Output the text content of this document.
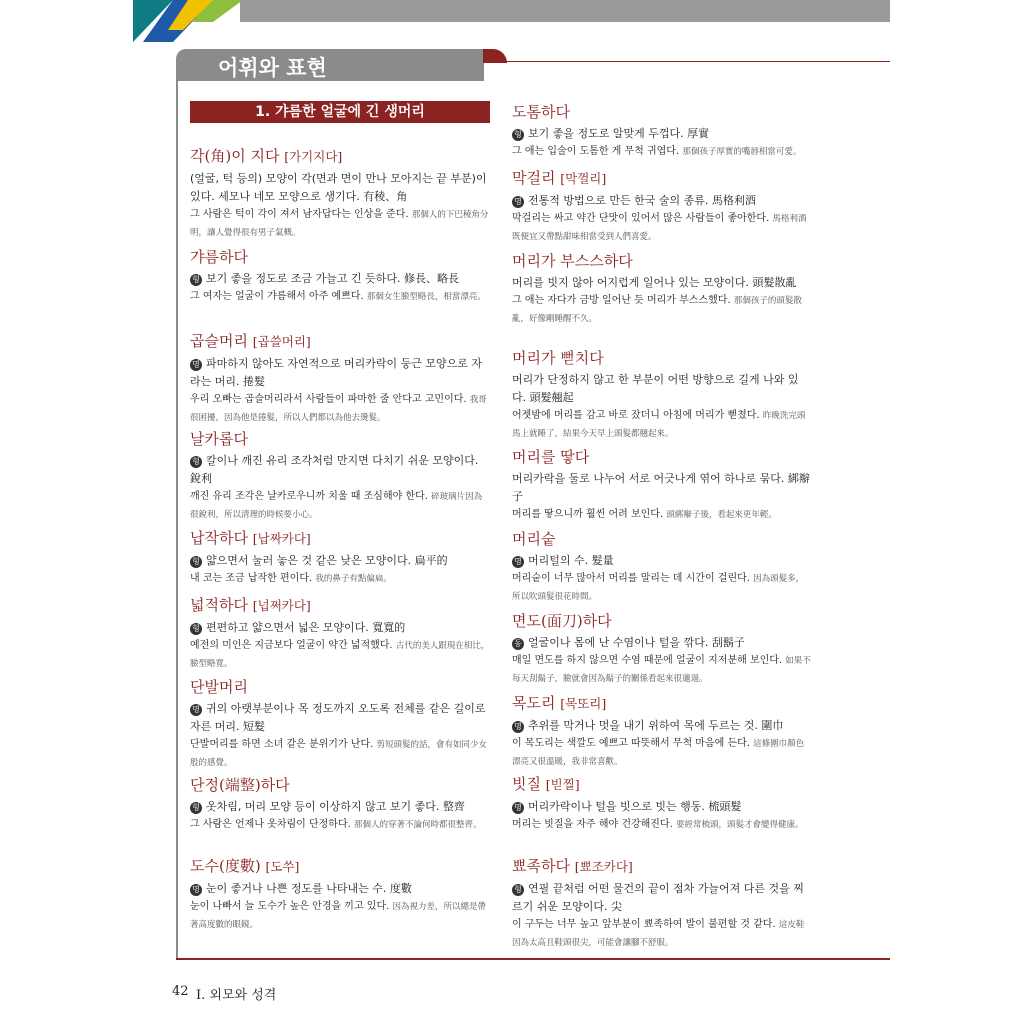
어휘와 표현
1. 갸름한 얼굴에 긴 생머리
42 I. 외모와 성격
각(角)이 지다 [가기지다]
(얼굴, 턱 등의) 모양이 각(면과 면이 만나 모아지는 끝 부분)이 있다. 세모나 네모 모양으로 생기다. 有稜、角
그 사람은 턱이 각이 져서 남자답다는 인상을 준다. 那個人的下巴稜角分明，讓人覺得很有男子氣概。
갸름하다
형 보기 좋을 정도로 조금 가늘고 긴 듯하다. 修長、略長
그 여자는 얼굴이 갸름해서 아주 예쁘다. 那個女生臉型略長，相當漂亮。
곱슬머리 [곱쓸머리]
명 파마하지 않아도 자연적으로 머리카락이 둥근 모양으로 자라는 머리. 捲髮
우리 오빠는 곱슬머리라서 사람들이 파마한 줄 안다고 고민이다. 我哥很困擾，因為他是捲髮，所以人們都以為他去燙髮。
날카롭다
형 칼이나 깨진 유리 조각처럼 만지면 다치기 쉬운 모양이다. 銳利
깨진 유리 조각은 날카로우니까 치울 때 조심해야 한다. 碎玻璃片因為很銳利，所以清理的時候要小心。
납작하다 [납짜카다]
형 얇으면서 눌러 놓은 것 같은 낮은 모양이다. 扁平的
내 코는 조금 납작한 편이다. 我的鼻子有點偏扁。
넓적하다 [넙쩌카다]
형 편편하고 얇으면서 넓은 모양이다. 寬寬的
예전의 미인은 지금보다 얼굴이 약간 넓적했다. 古代的美人跟現在相比，臉型略寬。
단발머리
명 귀의 아랫부분이나 목 정도까지 오도록 전체를 같은 길이로 자른 머리. 短髮
단발머리를 하면 소녀 같은 분위기가 난다. 剪短頭髮的話，會有如同少女般的感覺。
단정(端整)하다
형 옷차림, 머리 모양 등이 이상하지 않고 보기 좋다. 整齊
그 사람은 언제나 옷차림이 단정하다. 那個人的穿著不論何時都很整齊。
도수(度數) [도쑤]
명 눈이 좋거나 나쁜 정도를 나타내는 수. 度數
눈이 나빠서 늘 도수가 높은 안경을 끼고 있다. 因為視力差，所以總是帶著高度數的眼鏡。
도톰하다
형 보기 좋을 정도로 알맞게 두껍다. 厚實
그 애는 입술이 도톰한 게 무척 귀엽다. 那個孩子厚實的嘴唇相當可愛。
막걸리 [막껄리]
명 전통적 방법으로 만든 한국 술의 종류. 馬格利酒
막걸리는 싸고 약간 단맛이 있어서 많은 사람들이 좋아한다. 馬格利酒既便宜又帶點甜味相當受到人們喜愛。
머리가 부스스하다
머리를 빗지 않아 어지럽게 일어나 있는 모양이다. 頭髮散亂
그 애는 자다가 금방 일어난 듯 머리가 부스스했다. 那個孩子的頭髮散亂，好像剛睡醒不久。
머리가 뻗치다
머리가 단정하지 않고 한 부분이 어떤 방향으로 길게 나와 있다. 頭髮翹起
어젯밤에 머리를 감고 바로 잤더니 아침에 머리가 뻗쳤다. 昨晚洗完頭馬上就睡了，結果今天早上頭髮都翹起來。
머리를 땋다
머리카락을 둘로 나누어 서로 어긋나게 엮어 하나로 묶다. 綁辮子
머리를 땋으니까 훨씬 어려 보인다. 頭綁辮子後，看起來更年輕。
머리숱
명 머리털의 수. 髮量
머리숱이 너무 많아서 머리를 말리는 데 시간이 걸린다. 因為頭髮多，所以吹頭髮很花時間。
면도(面刀)하다
동 얼굴이나 몸에 난 수염이나 털을 깎다. 刮鬍子
매일 면도를 하지 않으면 수염 때문에 얼굴이 지저분해 보인다. 如果不每天刮鬍子，臉就會因為鬍子的關係看起來很邋遢。
목도리 [목또리]
명 추위를 막거나 멋을 내기 위하여 목에 두르는 것. 圍巾
이 목도리는 색깔도 예쁘고 따뜻해서 무척 마음에 든다. 這條圍巾顏色漂亮又很溫暖，我非常喜歡。
빗질 [빋찔]
명 머리카락이나 털을 빗으로 빗는 행동. 梳頭髮
머리는 빗질을 자주 해야 건강해진다. 要經常梳頭，頭髮才會變得健康。
뾰족하다 [뾰조카다]
형 연필 끝처럼 어떤 물건의 끝이 점차 가늘어져 다른 것을 찌르기 쉬운 모양이다. 尖
이 구두는 너무 높고 앞부분이 뾰족하여 발이 불편할 것 같다. 這皮鞋因為太高且鞋頭很尖，可能會讓腳不舒服。
